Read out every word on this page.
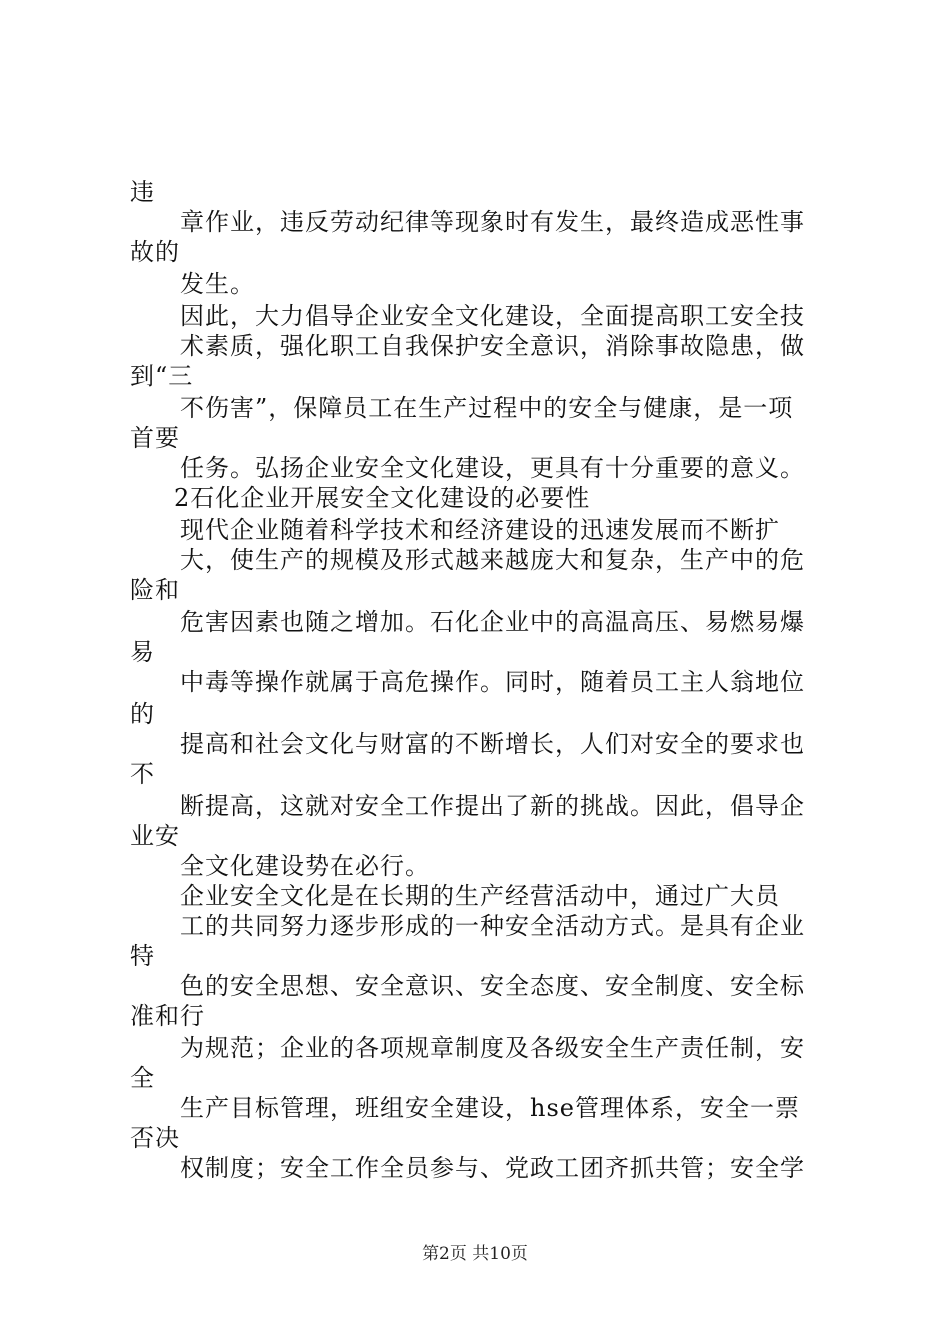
违
章作业，违反劳动纪律等现象时有发生，最终造成恶性事
故的
发生。
因此，大力倡导企业安全文化建设，全面提高职工安全技
术素质，强化职工自我保护安全意识，消除事故隐患，做
到“三
不伤害”，保障员工在生产过程中的安全与健康，是一项
首要
任务。弘扬企业安全文化建设，更具有十分重要的意义。
2石化企业开展安全文化建设的必要性
现代企业随着科学技术和经济建设的迅速发展而不断扩
大，使生产的规模及形式越来越庞大和复杂，生产中的危
险和
危害因素也随之增加。石化企业中的高温高压、易燃易爆
易
中毒等操作就属于高危操作。同时，随着员工主人翁地位
的
提高和社会文化与财富的不断增长，人们对安全的要求也
不
断提高，这就对安全工作提出了新的挑战。因此，倡导企
业安
全文化建设势在必行。
企业安全文化是在长期的生产经营活动中，通过广大员
工的共同努力逐步形成的一种安全活动方式。是具有企业
特
色的安全思想、安全意识、安全态度、安全制度、安全标
准和行
为规范；企业的各项规章制度及各级安全生产责任制，安
全
生产目标管理，班组安全建设，hse管理体系，安全一票
否决
权制度；安全工作全员参与、党政工团齐抓共管；安全学
第2页 共10页
